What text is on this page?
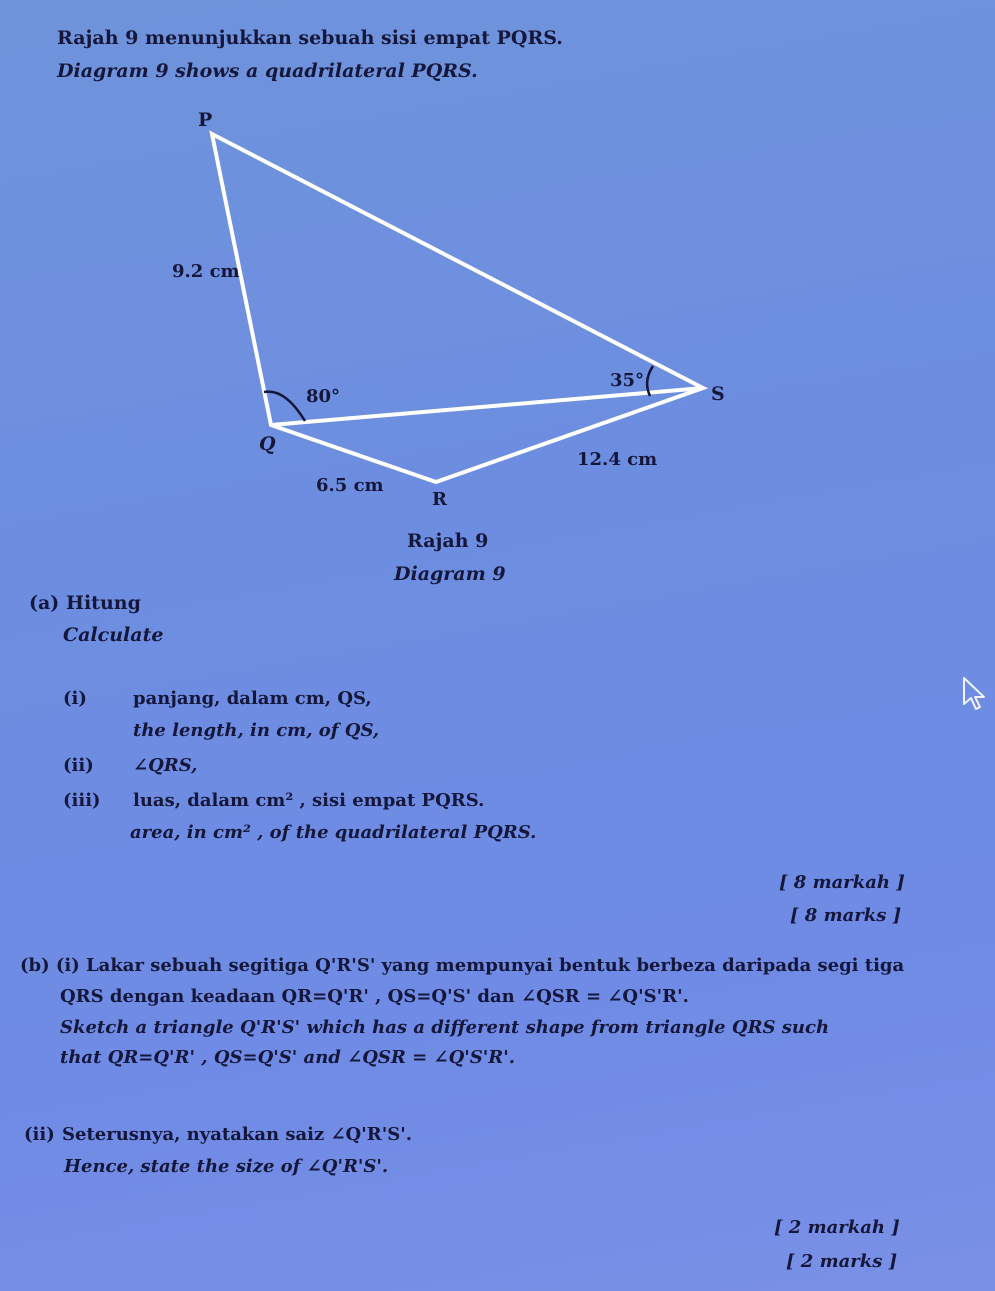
Rajah 9 menunjukkan sebuah sisi empat PQRS.
Diagram 9 shows a quadrilateral PQRS.
P
Q
R
S
9.2 cm
6.5 cm
12.4 cm
80°
35°
Rajah 9
Diagram 9
(a) Hitung
Calculate
(i)	panjang, dalam cm, QS,
the length, in cm, of QS,
(ii) ∠QRS,
(iii) luas, dalam cm² , sisi empat PQRS.
area, in cm² , of the quadrilateral PQRS.
[ 8 markah ]
[ 8 marks ]
(b) (i) Lakar sebuah segitiga Q'R'S' yang mempunyai bentuk berbeza daripada segi tiga
QRS dengan keadaan QR=Q'R' , QS=Q'S' dan ∠QSR = ∠Q'S'R'.
Sketch a triangle Q'R'S' which has a different shape from triangle QRS such
that QR=Q'R' , QS=Q'S' and ∠QSR = ∠Q'S'R'.
(ii) Seterusnya, nyatakan saiz ∠Q'R'S'.
Hence, state the size of ∠Q'R'S'.
[ 2 markah ]
[ 2 marks ]
